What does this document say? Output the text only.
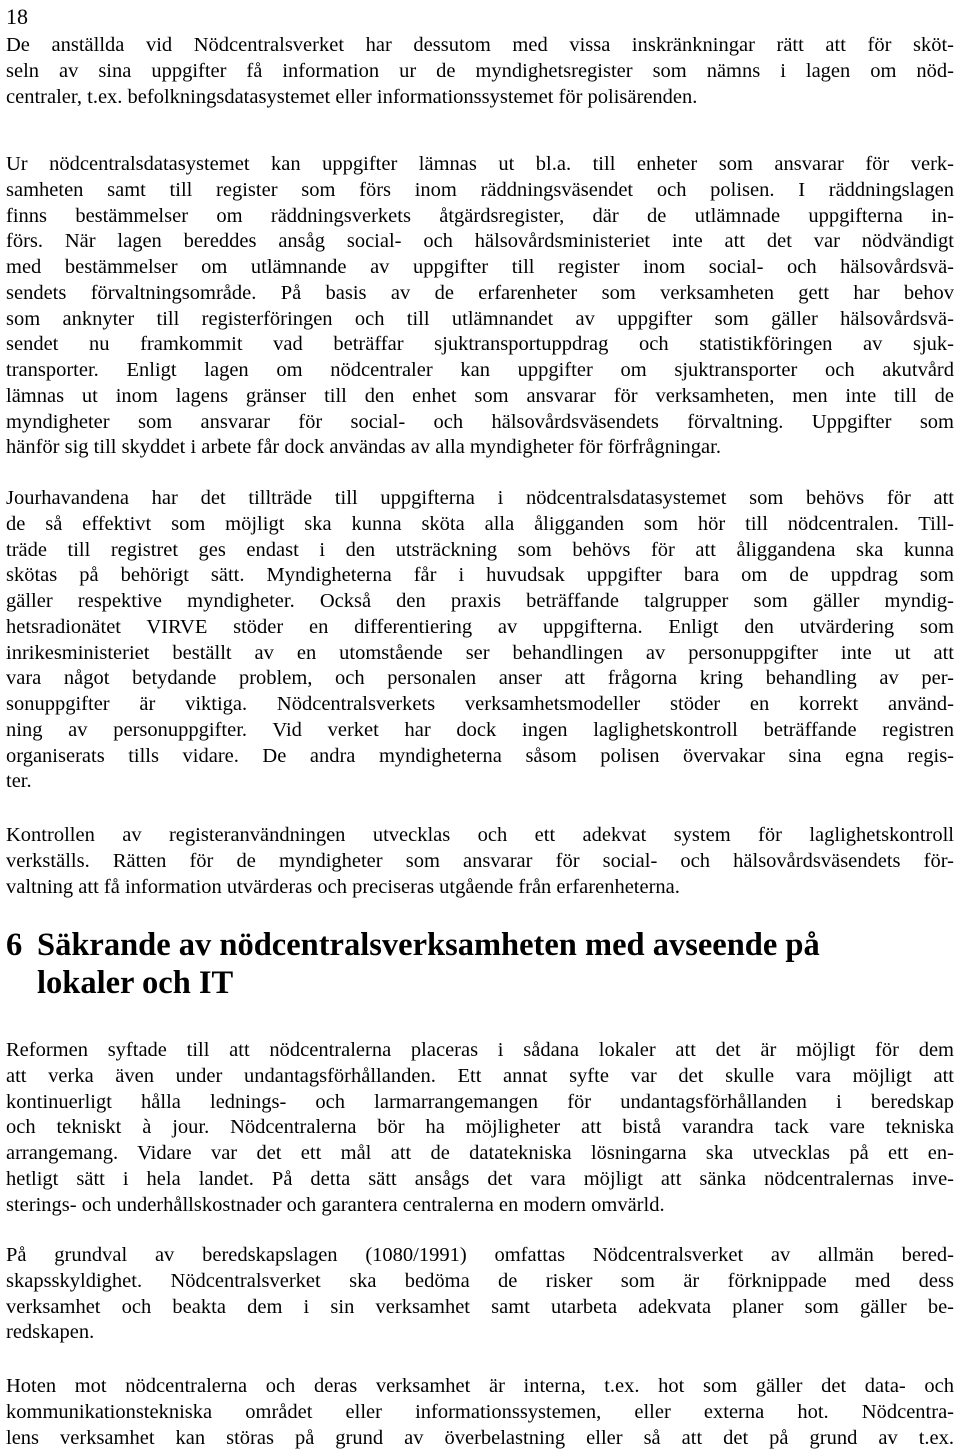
18
De anställda vid Nödcentralsverket har dessutom med vissa inskränkningar rätt att för sköt-
seln av sina uppgifter få information ur de myndighetsregister som nämns i lagen om nöd-
centraler, t.ex. befolkningsdatasystemet eller informationssystemet för polisärenden.
Ur nödcentralsdatasystemet kan uppgifter lämnas ut bl.a. till enheter som ansvarar för verk-
samheten samt till register som förs inom räddningsväsendet och polisen. I räddningslagen
finns bestämmelser om räddningsverkets åtgärdsregister, där de utlämnade uppgifterna in-
förs. När lagen bereddes ansåg social- och hälsovårdsministeriet inte att det var nödvändigt
med bestämmelser om utlämnande av uppgifter till register inom social- och hälsovårdsvä-
sendets förvaltningsområde. På basis av de erfarenheter som verksamheten gett har behov
som anknyter till registerföringen och till utlämnandet av uppgifter som gäller hälsovårdsvä-
sendet nu framkommit vad beträffar sjuktransportuppdrag och statistikföringen av sjuk-
transporter. Enligt lagen om nödcentraler kan uppgifter om sjuktransporter och akutvård
lämnas ut inom lagens gränser till den enhet som ansvarar för verksamheten, men inte till de
myndigheter som ansvarar för social- och hälsovårdsväsendets förvaltning. Uppgifter som
hänför sig till skyddet i arbete får dock användas av alla myndigheter för förfrågningar.
Jourhavandena har det tillträde till uppgifterna i nödcentralsdatasystemet som behövs för att
de så effektivt som möjligt ska kunna sköta alla åligganden som hör till nödcentralen. Till-
träde till registret ges endast i den utsträckning som behövs för att åliggandena ska kunna
skötas på behörigt sätt. Myndigheterna får i huvudsak uppgifter bara om de uppdrag som
gäller respektive myndigheter. Också den praxis beträffande talgrupper som gäller myndig-
hetsradionätet VIRVE stöder en differentiering av uppgifterna. Enligt den utvärdering som
inrikesministeriet beställt av en utomstående ser behandlingen av personuppgifter inte ut att
vara något betydande problem, och personalen anser att frågorna kring behandling av per-
sonuppgifter är viktiga. Nödcentralsverkets verksamhetsmodeller stöder en korrekt använd-
ning av personuppgifter. Vid verket har dock ingen laglighetskontroll beträffande registren
organiserats tills vidare. De andra myndigheterna såsom polisen övervakar sina egna regis-
ter.
Kontrollen av registeranvändningen utvecklas och ett adekvat system för laglighetskontroll
verkställs. Rätten för de myndigheter som ansvarar för social- och hälsovårdsväsendets för-
valtning att få information utvärderas och preciseras utgående från erfarenheterna.
6 Säkrande av nödcentralsverksamheten med avseende på
lokaler och IT
Reformen syftade till att nödcentralerna placeras i sådana lokaler att det är möjligt för dem
att verka även under undantagsförhållanden. Ett annat syfte var det skulle vara möjligt att
kontinuerligt hålla lednings- och larmarrangemangen för undantagsförhållanden i beredskap
och tekniskt à jour. Nödcentralerna bör ha möjligheter att bistå varandra tack vare tekniska
arrangemang. Vidare var det ett mål att de datatekniska lösningarna ska utvecklas på ett en-
hetligt sätt i hela landet. På detta sätt ansågs det vara möjligt att sänka nödcentralernas inve-
sterings- och underhållskostnader och garantera centralerna en modern omvärld.
På grundval av beredskapslagen (1080/1991) omfattas Nödcentralsverket av allmän bered-
skapsskyldighet. Nödcentralsverket ska bedöma de risker som är förknippade med dess
verksamhet och beakta dem i sin verksamhet samt utarbeta adekvata planer som gäller be-
redskapen.
Hoten mot nödcentralerna och deras verksamhet är interna, t.ex. hot som gäller det data- och
kommunikationstekniska området eller informationssystemen, eller externa hot. Nödcentra-
lens verksamhet kan störas på grund av överbelastning eller så att det på grund av t.ex.
